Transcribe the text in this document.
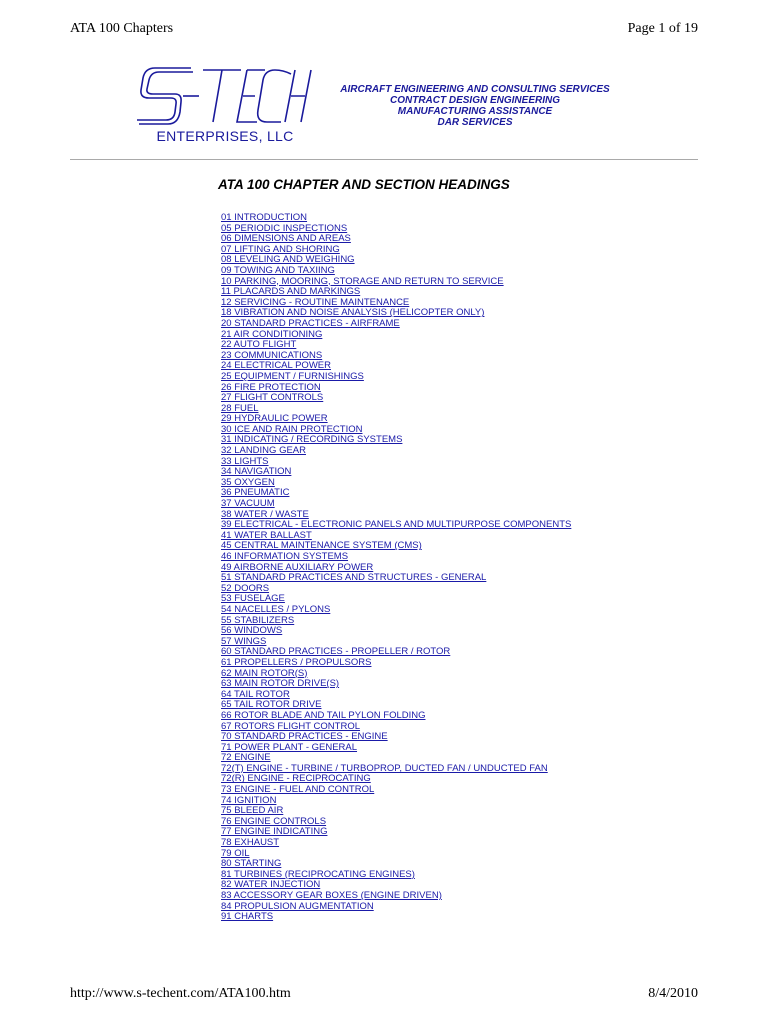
ATA 100 Chapters	Page 1 of 19
ENTERPRISES, LLC
AIRCRAFT ENGINEERING AND CONSULTING SERVICES
CONTRACT DESIGN ENGINEERING
MANUFACTURING ASSISTANCE
DAR SERVICES
ATA 100 CHAPTER AND SECTION HEADINGS
01 INTRODUCTION
05 PERIODIC INSPECTIONS
06 DIMENSIONS AND AREAS
07 LIFTING AND SHORING
08 LEVELING AND WEIGHING
09 TOWING AND TAXIING
10 PARKING, MOORING, STORAGE AND RETURN TO SERVICE
11 PLACARDS AND MARKINGS
12 SERVICING - ROUTINE MAINTENANCE
18 VIBRATION AND NOISE ANALYSIS (HELICOPTER ONLY)
20 STANDARD PRACTICES - AIRFRAME
21 AIR CONDITIONING
22 AUTO FLIGHT
23 COMMUNICATIONS
24 ELECTRICAL POWER
25 EQUIPMENT / FURNISHINGS
26 FIRE PROTECTION
27 FLIGHT CONTROLS
28 FUEL
29 HYDRAULIC POWER
30 ICE AND RAIN PROTECTION
31 INDICATING / RECORDING SYSTEMS
32 LANDING GEAR
33 LIGHTS
34 NAVIGATION
35 OXYGEN
36 PNEUMATIC
37 VACUUM
38 WATER / WASTE
39 ELECTRICAL - ELECTRONIC PANELS AND MULTIPURPOSE COMPONENTS
41 WATER BALLAST
45 CENTRAL MAINTENANCE SYSTEM (CMS)
46 INFORMATION SYSTEMS
49 AIRBORNE AUXILIARY POWER
51 STANDARD PRACTICES AND STRUCTURES - GENERAL
52 DOORS
53 FUSELAGE
54 NACELLES / PYLONS
55 STABILIZERS
56 WINDOWS
57 WINGS
60 STANDARD PRACTICES - PROPELLER / ROTOR
61 PROPELLERS / PROPULSORS
62 MAIN ROTOR(S)
63 MAIN ROTOR DRIVE(S)
64 TAIL ROTOR
65 TAIL ROTOR DRIVE
66 ROTOR BLADE AND TAIL PYLON FOLDING
67 ROTORS FLIGHT CONTROL
70 STANDARD PRACTICES - ENGINE
71 POWER PLANT - GENERAL
72 ENGINE
72(T) ENGINE - TURBINE / TURBOPROP, DUCTED FAN / UNDUCTED FAN
72(R) ENGINE - RECIPROCATING
73 ENGINE - FUEL AND CONTROL
74 IGNITION
75 BLEED AIR
76 ENGINE CONTROLS
77 ENGINE INDICATING
78 EXHAUST
79 OIL
80 STARTING
81 TURBINES (RECIPROCATING ENGINES)
82 WATER INJECTION
83 ACCESSORY GEAR BOXES (ENGINE DRIVEN)
84 PROPULSION AUGMENTATION
91 CHARTS
http://www.s-techent.com/ATA100.htm	8/4/2010
